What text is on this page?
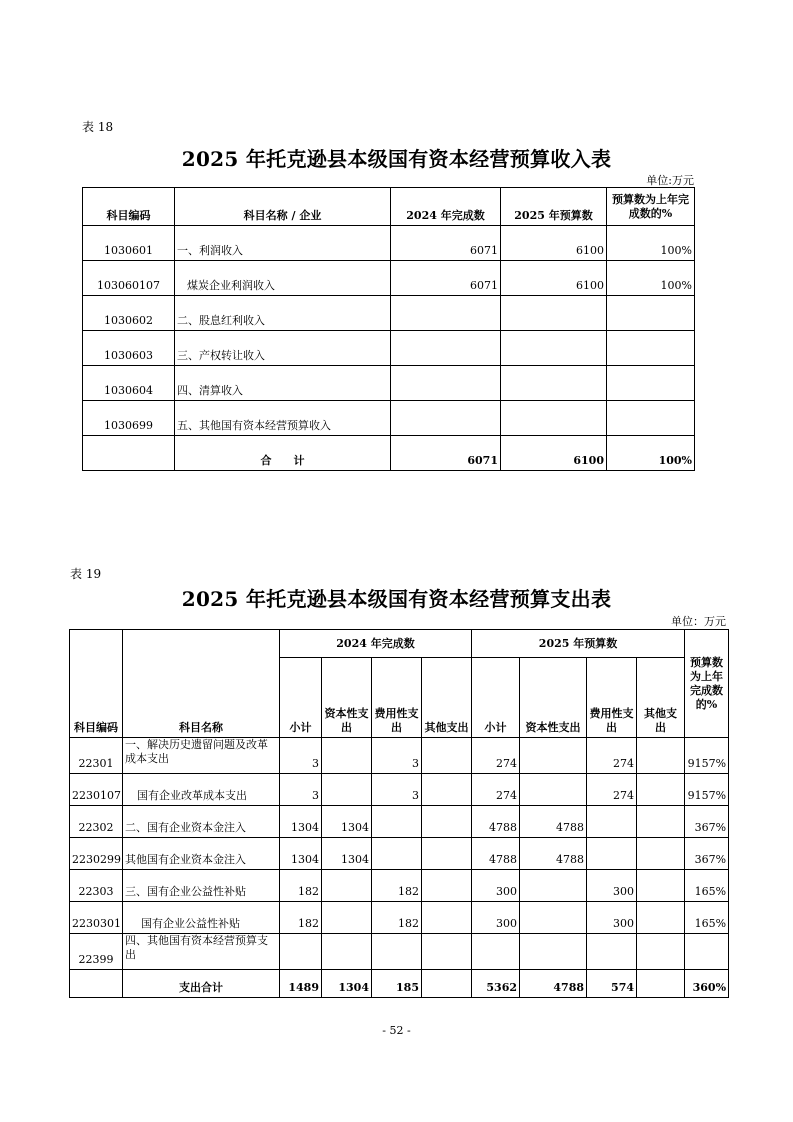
表 18
2025 年托克逊县本级国有资本经营预算收入表
单位:万元
科目编码	科目名称 / 企业	2024 年完成数	2025 年预算数	预算数为上年完成数的%
1030601	一、利润收入	6071	6100	100%
103060107	煤炭企业利润收入	6071	6100	100%
1030602	二、股息红利收入			
1030603	三、产权转让收入			
1030604	四、清算收入			
1030699	五、其他国有资本经营预算收入			
	合　　计	6071	6100	100%
表 19
2025 年托克逊县本级国有资本经营预算支出表
单位：万元
科目编码	科目名称	2024 年完成数				2025 年预算数				预算数为上年完成数的%
		小计	资本性支出	费用性支出	其他支出	小计	资本性支出	费用性支出	其他支出	
22301	一、解决历史遗留问题及改革成本支出	3		3		274		274		9157%
2230107	国有企业改革成本支出	3		3		274		274		9157%
22302	二、国有企业资本金注入	1304	1304			4788	4788			367%
2230299	其他国有企业资本金注入	1304	1304			4788	4788			367%
22303	三、国有企业公益性补贴	182		182		300		300		165%
2230301	国有企业公益性补贴	182		182		300		300		165%
22399	四、其他国有资本经营预算支出									
	支出合计	1489	1304	185		5362	4788	574		360%
- 52 -
